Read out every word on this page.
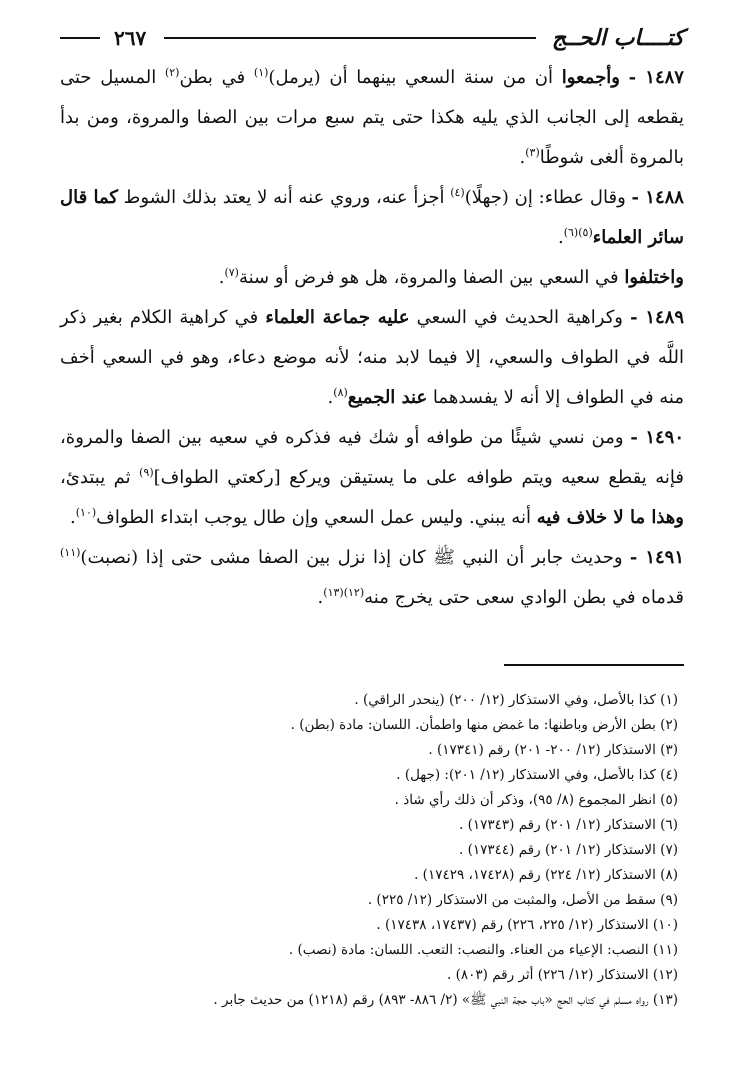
كتــــاب الحــج
٢٦٧

١٤٨٧ - وأجمعوا أن من سنة السعي بينهما أن (يرمل)$^{(١)}$ في بطن$^{(٢)}$ المسيل حتى يقطعه إلى الجانب الذي يليه هكذا حتى يتم سبع مرات بين الصفا والمروة، ومن بدأ بالمروة ألغى شوطًا$^{(٣)}$.

١٤٨٨ - وقال عطاء: إن (جهلًا)$^{(٤)}$ أجزأ عنه، وروي عنه أنه لا يعتد بذلك الشوط كما قال سائر العلماء$^{(٥)(٦)}$.

واختلفوا في السعي بين الصفا والمروة، هل هو فرض أو سنة$^{(٧)}$.

١٤٨٩ - وكراهية الحديث في السعي عليه جماعة العلماء في كراهية الكلام بغير ذكر اللَّه في الطواف والسعي، إلا فيما لابد منه؛ لأنه موضع دعاء، وهو في السعي أخف منه في الطواف إلا أنه لا يفسدهما عند الجميع$^{(٨)}$.

١٤٩٠ - ومن نسي شيئًا من طوافه أو شك فيه فذكره في سعيه بين الصفا والمروة، فإنه يقطع سعيه ويتم طوافه على ما يستيقن ويركع [ركعتي الطواف]$^{(٩)}$ ثم يبتدئ، وهذا ما لا خلاف فيه أنه يبني. وليس عمل السعي وإن طال يوجب ابتداء الطواف$^{(١٠)}$.

١٤٩١ - وحديث جابر أن النبي ﷺ كان إذا نزل بين الصفا مشى حتى إذا (نصبت)$^{(١١)}$ قدماه في بطن الوادي سعى حتى يخرج منه$^{(١٢)(١٣)}$.

(١) كذا بالأصل، وفي الاستذكار (١٢/ ٢٠٠) (ينحدر الراقي) .

(٢) بطن الأرض وباطنها: ما غمض منها واطمأن. اللسان: مادة (بطن) .

(٣) الاستذكار (١٢/ ٢٠٠- ٢٠١) رقم (١٧٣٤١) .

(٤) كذا بالأصل، وفي الاستذكار (١٢/ ٢٠١): (جهل) .

(٥) انظر المجموع (٨/ ٩٥)، وذكر أن ذلك رأي شاذ .

(٦) الاستذكار (١٢/ ٢٠١) رقم (١٧٣٤٣) .

(٧) الاستذكار (١٢/ ٢٠١) رقم (١٧٣٤٤) .

(٨) الاستذكار (١٢/ ٢٢٤) رقم (١٧٤٢٨، ١٧٤٢٩) .

(٩) سقط من الأصل، والمثبت من الاستذكار (١٢/ ٢٢٥) .

(١٠) الاستذكار (١٢/ ٢٢٥، ٢٢٦) رقم (١٧٤٣٧، ١٧٤٣٨) .

(١١) النصب: الإعياء من العناء. والنصب: التعب. اللسان: مادة (نصب) .

(١٢) الاستذكار (١٢/ ٢٢٦) أثر رقم (٨٠٣) .

(١٣) رواه مسلم في كتاب الحج «باب حجة النبي ﷺ» (٢/ ٨٨٦- ٨٩٣) رقم (١٢١٨) من حديث جابر .
